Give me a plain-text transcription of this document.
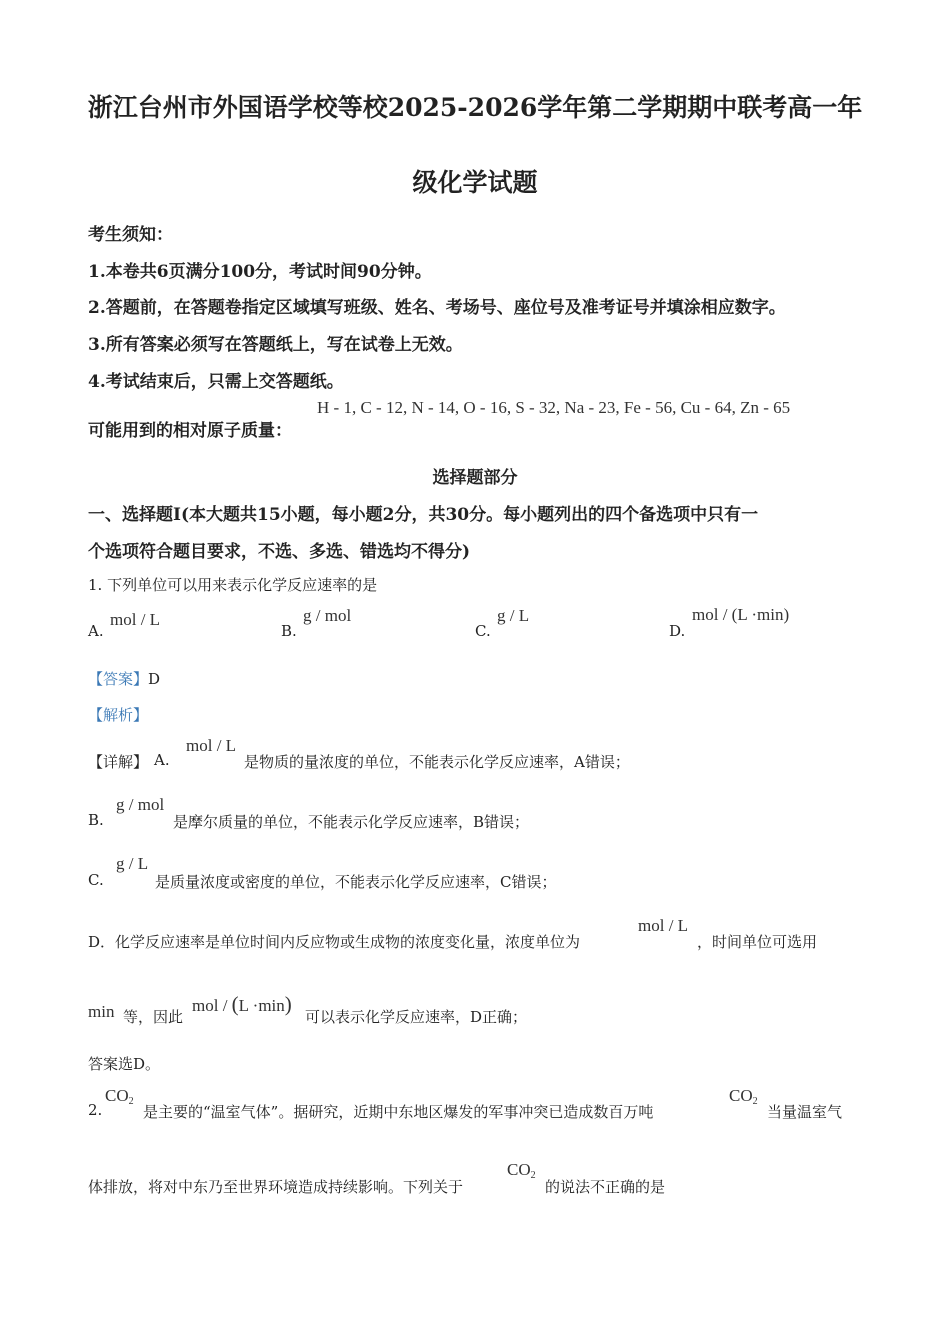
浙江台州市外国语学校等校2025-2026学年第二学期期中联考高一年
级化学试题
考生须知：
1.本卷共6页满分100分，考试时间90分钟。
2.答题前，在答题卷指定区域填写班级、姓名、考场号、座位号及准考证号并填涂相应数字。
3.所有答案必须写在答题纸上，写在试卷上无效。
4.考试结束后，只需上交答题纸。
可能用到的相对原子质量：
H - 1, C - 12, N - 14, O - 16, S - 32, Na - 23, Fe - 56, Cu - 64, Zn - 65
选择题部分
一、选择题I(本大题共15小题，每小题2分，共30分。每小题列出的四个备选项中只有一
个选项符合题目要求，不选、多选、错选均不得分)
1. 下列单位可以用来表示化学反应速率的是
A.
mol / L
B.
g / mol
C.
g / L
D.
mol / (L ·min)
【答案】D
【解析】
【详解】 A.
mol / L
是物质的量浓度的单位，不能表示化学反应速率，A错误；
B.
g / mol
是摩尔质量的单位，不能表示化学反应速率，B错误；
C.
g / L
是质量浓度或密度的单位，不能表示化学反应速率，C错误；
D．化学反应速率是单位时间内反应物或生成物的浓度变化量，浓度单位为
mol / L
，时间单位可选用
min 等，因此
mol / (L ·min)
可以表示化学反应速率，D正确；
答案选D。
2.
$CO_2$
是主要的“温室气体”。据研究，近期中东地区爆发的军事冲突已造成数百万吨
$CO_2$
当量温室气
体排放，将对中东乃至世界环境造成持续影响。下列关于
$CO_2$
的说法不正确的是
